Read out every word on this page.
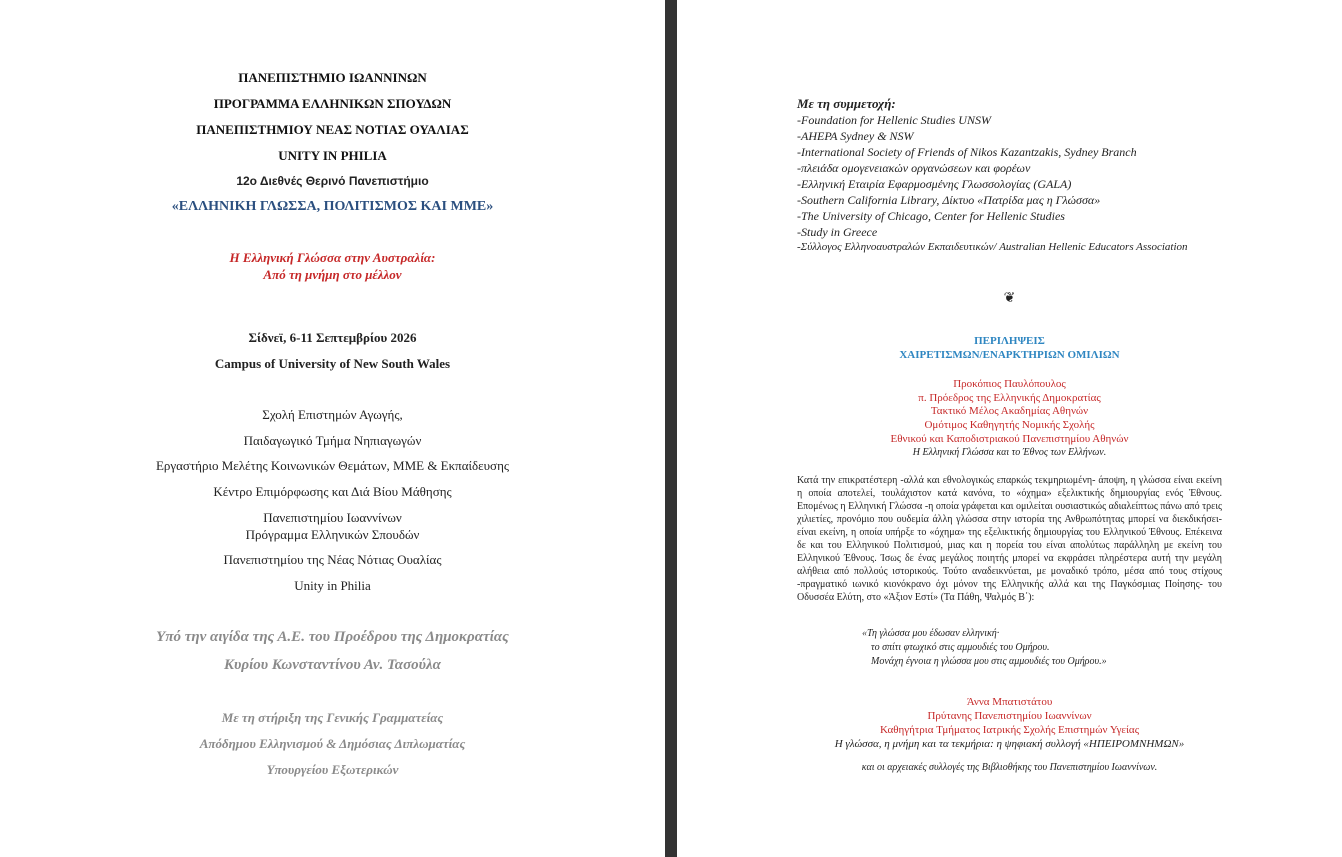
ΠΑΝΕΠΙΣΤΗΜΙΟ ΙΩΑΝΝΙΝΩΝ
ΠΡΟΓΡΑΜΜΑ ΕΛΛΗΝΙΚΩΝ ΣΠΟΥΔΩΝ
ΠΑΝΕΠΙΣΤΗΜΙΟΥ ΝΕΑΣ ΝΟΤΙΑΣ ΟΥΑΛΙΑΣ
UNITY IN PHILIA
12ο Διεθνές Θερινό Πανεπιστήμιο
«ΕΛΛΗΝΙΚΗ ΓΛΩΣΣΑ, ΠΟΛΙΤΙΣΜΟΣ ΚΑΙ ΜΜΕ»
Η Ελληνική Γλώσσα στην Αυστραλία:
Από τη μνήμη στο μέλλον
Σίδνεϊ, 6-11 Σεπτεμβρίου 2026
Campus of University of New South Wales
Σχολή Επιστημών Αγωγής,
Παιδαγωγικό Τμήμα Νηπιαγωγών
Εργαστήριο Μελέτης Κοινωνικών Θεμάτων, ΜΜΕ & Εκπαίδευσης
Κέντρο Επιμόρφωσης και Διά Βίου Μάθησης
Πανεπιστημίου Ιωαννίνων
Πρόγραμμα Ελληνικών Σπουδών
Πανεπιστημίου της Νέας Νότιας Ουαλίας
Unity in Philia
Υπό την αιγίδα της Α.Ε. του Προέδρου της Δημοκρατίας
Κυρίου Κωνσταντίνου Αν. Τασούλα
Με τη στήριξη της Γενικής Γραμματείας
Απόδημου Ελληνισμού & Δημόσιας Διπλωματίας
Υπουργείου Εξωτερικών
Με τη συμμετοχή:
-Foundation for Hellenic Studies UNSW
-AHEPA Sydney & NSW
-International Society of Friends of Nikos Kazantzakis, Sydney Branch
-πλειάδα ομογενειακών οργανώσεων και φορέων
-Ελληνική Εταιρία Εφαρμοσμένης Γλωσσολογίας (GALA)
-Southern California Library, Δίκτυο «Πατρίδα μας η Γλώσσα»
-The University of Chicago, Center for Hellenic Studies
-Study in Greece
-Σύλλογος Ελληνοαυστραλών Εκπαιδευτικών/ Australian Hellenic Educators Association
❦
ΠΕΡΙΛΗΨΕΙΣ
ΧΑΙΡΕΤΙΣΜΩΝ/ΕΝΑΡΚΤΗΡΙΩΝ ΟΜΙΛΙΩΝ
Προκόπιος Παυλόπουλος
π. Πρόεδρος της Ελληνικής Δημοκρατίας
Τακτικό Μέλος Ακαδημίας Αθηνών
Ομότιμος Καθηγητής Νομικής Σχολής
Εθνικού και Καποδιστριακού Πανεπιστημίου Αθηνών
Η Ελληνική Γλώσσα και το Έθνος των Ελλήνων.
Κατά την επικρατέστερη -αλλά και εθνολογικώς επαρκώς τεκμηριωμένη- άποψη, η γλώσσα είναι εκείνη η οποία αποτελεί, τουλάχιστον κατά κανόνα, το «όχημα» εξελικτικής δημιουργίας ενός Έθνους. Επομένως η Ελληνική Γλώσσα -η οποία γράφεται και ομιλείται ουσιαστικώς αδιαλείπτως πάνω από τρεις χιλιετίες, προνόμιο που ουδεμία άλλη γλώσσα στην ιστορία της Ανθρωπότητας μπορεί να διεκδικήσει- είναι εκείνη, η οποία υπήρξε το «όχημα» της εξελικτικής δημιουργίας του Ελληνικού Έθνους. Επέκεινα δε και του Ελληνικού Πολιτισμού, μιας και η πορεία του είναι απολύτως παράλληλη με εκείνη του Ελληνικού Έθνους. Ίσως δε ένας μεγάλος ποιητής μπορεί να εκφράσει πληρέστερα αυτή την μεγάλη αλήθεια από πολλούς ιστορικούς. Τούτο αναδεικνύεται, με μοναδικό τρόπο, μέσα από τους στίχους -πραγματικό ιωνικό κιονόκρανο όχι μόνον της Ελληνικής αλλά και της Παγκόσμιας Ποίησης- του Οδυσσέα Ελύτη, στο «Άξιον Εστί» (Τα Πάθη, Ψαλμός Β΄):
«Τη γλώσσα μου έδωσαν ελληνική·
το σπίτι φτωχικό στις αμμουδιές του Ομήρου.
Μονάχη έγνοια η γλώσσα μου στις αμμουδιές του Ομήρου.»
Άννα Μπατιστάτου
Πρύτανης Πανεπιστημίου Ιωαννίνων
Καθηγήτρια Τμήματος Ιατρικής Σχολής Επιστημών Υγείας
Η γλώσσα, η μνήμη και τα τεκμήρια: η ψηφιακή συλλογή «ΗΠΕΙΡΟΜΝΗΜΩΝ»
και οι αρχειακές συλλογές της Βιβλιοθήκης του Πανεπιστημίου Ιωαννίνων.
